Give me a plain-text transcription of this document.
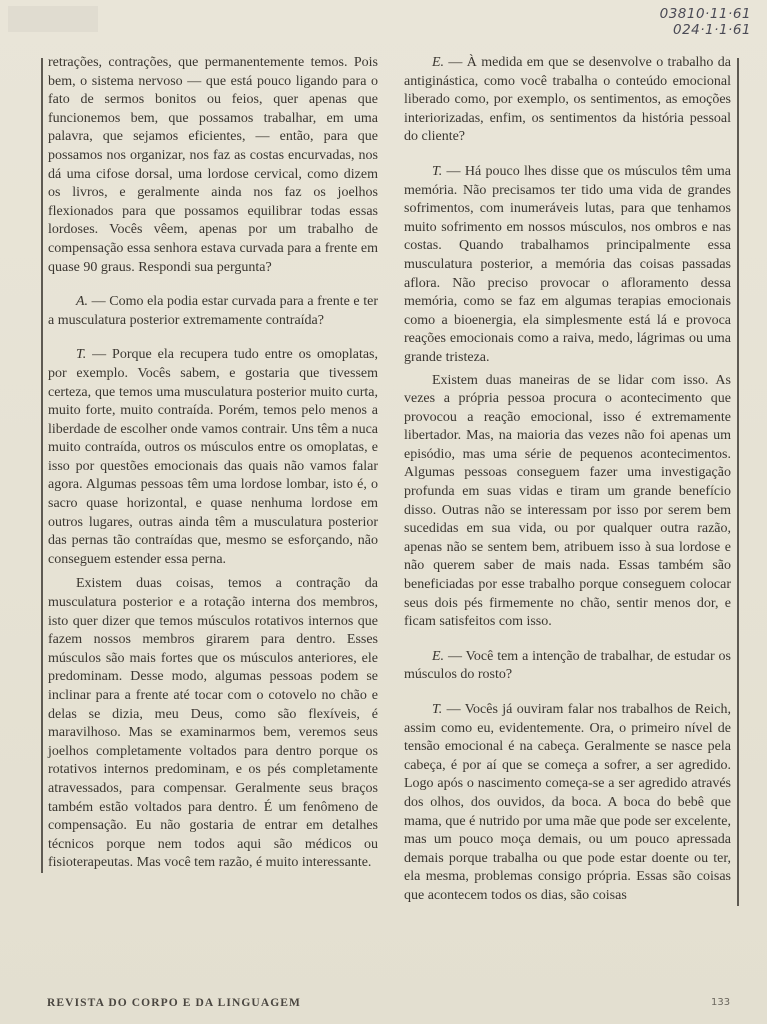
03810·11·61
024·1·1·61

retrações, contrações, que permanentemente temos. Pois bem, o sistema nervoso — que está pouco ligando para o fato de sermos bonitos ou feios, quer apenas que funcionemos bem, que possamos trabalhar, em uma palavra, que sejamos eficientes, — então, para que possamos nos organizar, nos faz as costas encurvadas, nos dá uma cifose dorsal, uma lordose cervical, como dizem os livros, e geralmente ainda nos faz os joelhos flexionados para que possamos equilibrar todas essas lordoses. Vocês vêem, apenas por um trabalho de compensação essa senhora estava curvada para a frente em quase 90 graus. Respondi sua pergunta?

A. — Como ela podia estar curvada para a frente e ter a musculatura posterior extremamente contraída?

T. — Porque ela recupera tudo entre os omoplatas, por exemplo. Vocês sabem, e gostaria que tivessem certeza, que temos uma musculatura posterior muito curta, muito forte, muito contraída. Porém, temos pelo menos a liberdade de escolher onde vamos contrair. Uns têm a nuca muito contraída, outros os músculos entre os omoplatas, e isso por questões emocionais das quais não vamos falar agora. Algumas pessoas têm uma lordose lombar, isto é, o sacro quase horizontal, e quase nenhuma lordose em outros lugares, outras ainda têm a musculatura posterior das pernas tão contraídas que, mesmo se esforçando, não conseguem estender essa perna.

Existem duas coisas, temos a contração da musculatura posterior e a rotação interna dos membros, isto quer dizer que temos músculos rotativos internos que fazem nossos membros girarem para dentro. Esses músculos são mais fortes que os músculos anteriores, ele predominam. Desse modo, algumas pessoas podem se inclinar para a frente até tocar com o cotovelo no chão e delas se dizia, meu Deus, como são flexíveis, é maravilhoso. Mas se examinarmos bem, veremos seus joelhos completamente voltados para dentro porque os rotativos internos predominam, e os pés completamente atravessados, para compensar. Geralmente seus braços também estão voltados para dentro. É um fenômeno de compensação. Eu não gostaria de entrar em detalhes técnicos porque nem todos aqui são médicos ou fisioterapeutas. Mas você tem razão, é muito interessante.

E. — À medida em que se desenvolve o trabalho da antiginástica, como você trabalha o conteúdo emocional liberado como, por exemplo, os sentimentos, as emoções interiorizadas, enfim, os sentimentos da história pessoal do cliente?

T. — Há pouco lhes disse que os músculos têm uma memória. Não precisamos ter tido uma vida de grandes sofrimentos, com inumeráveis lutas, para que tenhamos muito sofrimento em nossos músculos, nos ombros e nas costas. Quando trabalhamos principalmente essa musculatura posterior, a memória das coisas passadas aflora. Não preciso provocar o afloramento dessa memória, como se faz em algumas terapias emocionais como a bioenergia, ela simplesmente está lá e provoca reações emocionais como a raiva, medo, lágrimas ou uma grande tristeza.

Existem duas maneiras de se lidar com isso. As vezes a própria pessoa procura o acontecimento que provocou a reação emocional, isso é extremamente libertador. Mas, na maioria das vezes não foi apenas um episódio, mas uma série de pequenos acontecimentos. Algumas pessoas conseguem fazer uma investigação profunda em suas vidas e tiram um grande benefício disso. Outras não se interessam por isso por serem bem sucedidas em sua vida, ou por qualquer outra razão, apenas não se sentem bem, atribuem isso à sua lordose e não querem saber de mais nada. Essas também são beneficiadas por esse trabalho porque conseguem colocar seus dois pés firmemente no chão, sentir menos dor, e ficam satisfeitos com isso.

E. — Você tem a intenção de trabalhar, de estudar os músculos do rosto?

T. — Vocês já ouviram falar nos trabalhos de Reich, assim como eu, evidentemente. Ora, o primeiro nível de tensão emocional é na cabeça. Geralmente se nasce pela cabeça, é por aí que se começa a sofrer, a ser agredido. Logo após o nascimento começa-se a ser agredido através dos olhos, dos ouvidos, da boca. A boca do bebê que mama, que é nutrido por uma mãe que pode ser excelente, mas um pouco moça demais, ou um pouco apressada demais porque trabalha ou que pode estar doente ou ter, ela mesma, problemas consigo própria. Essas são coisas que acontecem todos os dias, são coisas

REVISTA DO CORPO E DA LINGUAGEM	133
